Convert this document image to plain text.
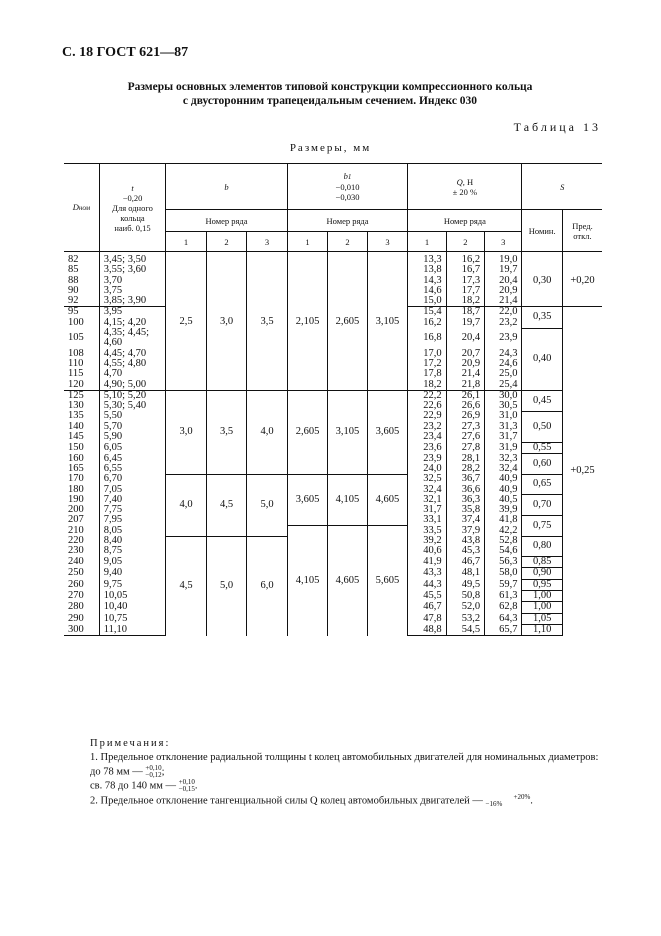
С. 18 ГОСТ 621—87
Размеры основных элементов типовой конструкции компрессионного кольца
с двусторонним трапецеидальным сечением. Индекс 030
Таблица 13
Размеры, мм
Dном	t
−0,20
Для одного
кольца
наиб. 0,15	b			b1
−0,010
−0,030			Q, Н
± 20 %			S	
		Номер ряда			Номер ряда			Номер ряда			Номин.	Пред. откл.
		1	2	3	1	2	3	1	2	3		
82	3,45; 3,50	2,5	3,0	3,5	2,105	2,605	3,105	13,3	16,2	19,0	0,30	+0,20
85	3,55; 3,60							13,8	16,7	19,7		
88	3,70							14,3	17,3	20,4		
90	3,75							14,6	17,7	20,9		
92	3,85; 3,90							15,0	18,2	21,4		
95	3,95							15,4	18,7	22,0	0,35	+0,25
100	4,15; 4,20							16,2	19,7	23,2		
105	4,35; 4,45; 4,60							16,8	20,4	23,9	0,40	
108	4,45; 4,70							17,0	20,7	24,3		
110	4,55; 4,80							17,2	20,9	24,6		
115	4,70							17,8	21,4	25,0		
120	4,90; 5,00							18,2	21,8	25,4		
125	5,10; 5,20	3,0	3,5	4,0	2,605	3,105	3,605	22,2	26,1	30,0	0,45	
130	5,30; 5,40							22,6	26,6	30,5		
135	5,50							22,9	26,9	31,0	0,50	
140	5,70							23,2	27,3	31,3		
145	5,90							23,4	27,6	31,7		
150	6,05							23,6	27,8	31,9	0,55	
160	6,45							23,9	28,1	32,3	0,60	
165	6,55							24,0	28,2	32,4		
170	6,70	4,0	4,5	5,0	3,605	4,105	4,605	32,5	36,7	40,9	0,65	
180	7,05							32,4	36,6	40,9		
190	7,40							32,1	36,3	40,5	0,70	
200	7,75							31,7	35,8	39,9		
207	7,95							33,1	37,4	41,8	0,75	
210	8,05				4,105	4,605	5,605	33,5	37,9	42,2		
220	8,40	4,5	5,0	6,0				39,2	43,8	52,8	0,80	
230	8,75							40,6	45,3	54,6		
240	9,05							41,9	46,7	56,3	0,85	
250	9,40							43,3	48,1	58,0	0,90	
260	9,75							44,3	49,5	59,7	0,95	
270	10,05							45,5	50,8	61,3	1,00	
280	10,40							46,7	52,0	62,8	1,00	
290	10,75							47,8	53,2	64,3	1,05	
300	11,10							48,8	54,5	65,7	1,10	
Примечания:
1. Предельное отклонение радиальной толщины t колец автомобильных двигателей для номинальных диаметров:
до 78 мм — +0,10
−0,12;
св. 78 до 140 мм — +0,10
−0,15.
2. Предельное отклонение тангенциальной силы Q колец автомобильных двигателей —	+20%
−16%	.
